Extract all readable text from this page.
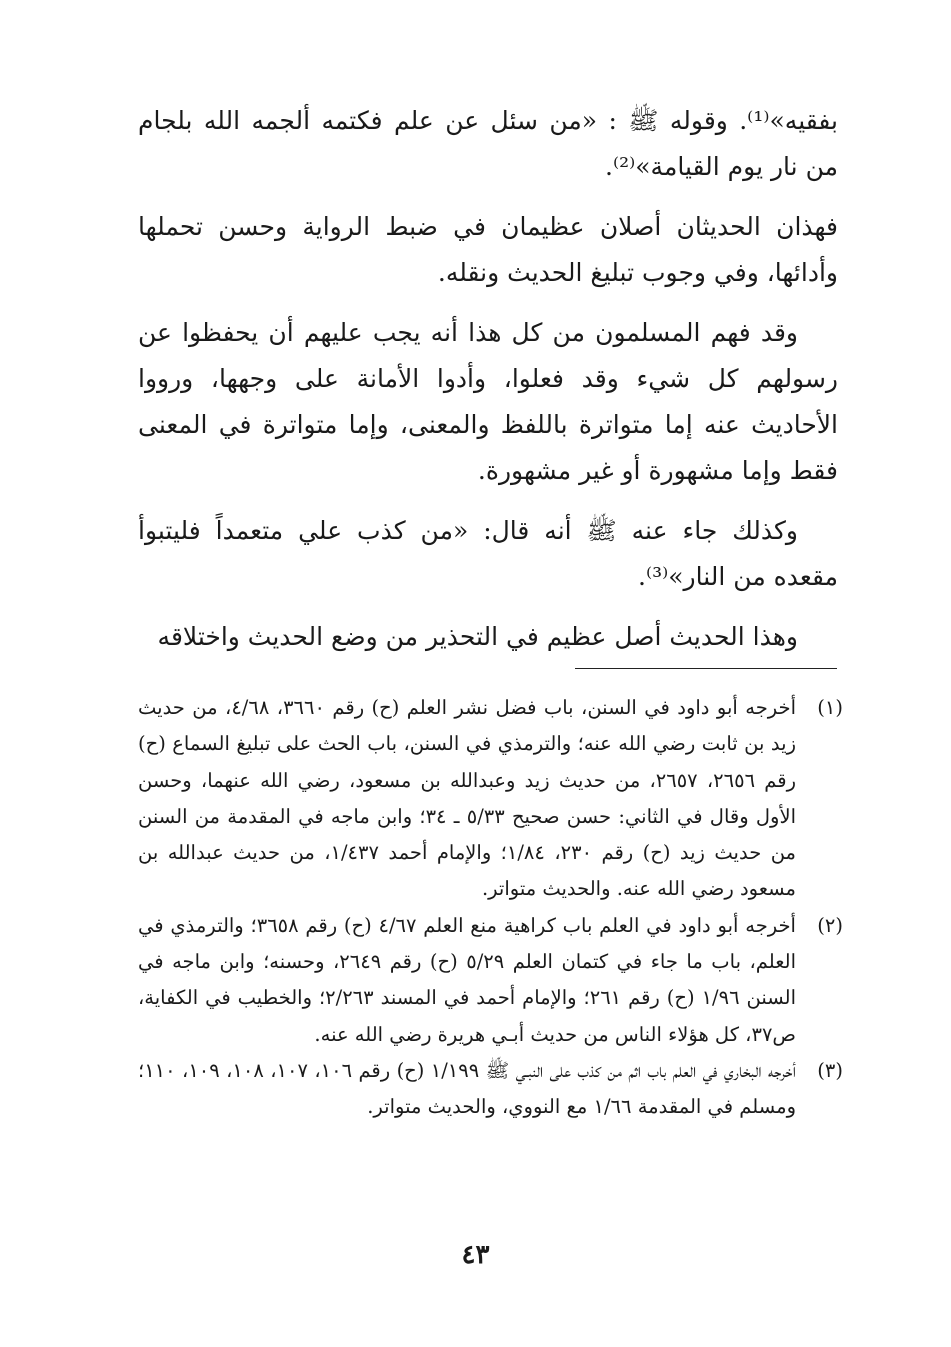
بفقيه»⁽¹⁾. وقوله ﷺ : «من سئل عن علم فكتمه ألجمه الله بلجام من نار يوم القيامة»⁽²⁾.

فهذان الحديثان أصلان عظيمان في ضبط الرواية وحسن تحملها وأدائها، وفي وجوب تبليغ الحديث ونقله.

وقد فهم المسلمون من كل هذا أنه يجب عليهم أن يحفظوا عن رسولهم كل شيء وقد فعلوا، وأدوا الأمانة على وجهها، ورووا الأحاديث عنه إما متواترة باللفظ والمعنى، وإما متواترة في المعنى فقط وإما مشهورة أو غير مشهورة.

وكذلك جاء عنه ﷺ أنه قال: «من كذب علي متعمداً فليتبوأ مقعده من النار»⁽³⁾.

وهذا الحديث أصل عظيم في التحذير من وضع الحديث واختلاقه

(١)
أخرجه أبو داود في السنن، باب فضل نشر العلم (ح) رقم ٣٦٦٠، ٤/٦٨، من حديث زيد بن ثابت رضي الله عنه؛ والترمذي في السنن، باب الحث على تبليغ السماع (ح) رقم ٢٦٥٦، ٢٦٥٧، من حديث زيد وعبدالله بن مسعود، رضي الله عنهما، وحسن الأول وقال في الثاني: حسن صحيح ٥/٣٣ ـ ٣٤؛ وابن ماجه في المقدمة من السنن من حديث زيد (ح) رقم ٢٣٠، ١/٨٤؛ والإمام أحمد ١/٤٣٧، من حديث عبدالله بن مسعود رضي الله عنه. والحديث متواتر.
(٢)
أخرجه أبو داود في العلم باب كراهية منع العلم ٤/٦٧ (ح) رقم ٣٦٥٨؛ والترمذي في العلم، باب ما جاء في كتمان العلم ٥/٢٩ (ح) رقم ٢٦٤٩، وحسنه؛ وابن ماجه في السنن ١/٩٦ (ح) رقم ٢٦١؛ والإمام أحمد في المسند ٢/٢٦٣؛ والخطيب في الكفاية، ص٣٧، كل هؤلاء الناس من حديث أبـي هريرة رضي الله عنه.
(٣)
أخرجه البخاري في العلم باب اثم من كذب على النبـي ﷺ ١/١٩٩ (ح) رقم ١٠٦، ١٠٧، ١٠٨، ١٠٩، ١١٠؛ ومسلم في المقدمة ١/٦٦ مع النووي، والحديث متواتر.
٤٣
